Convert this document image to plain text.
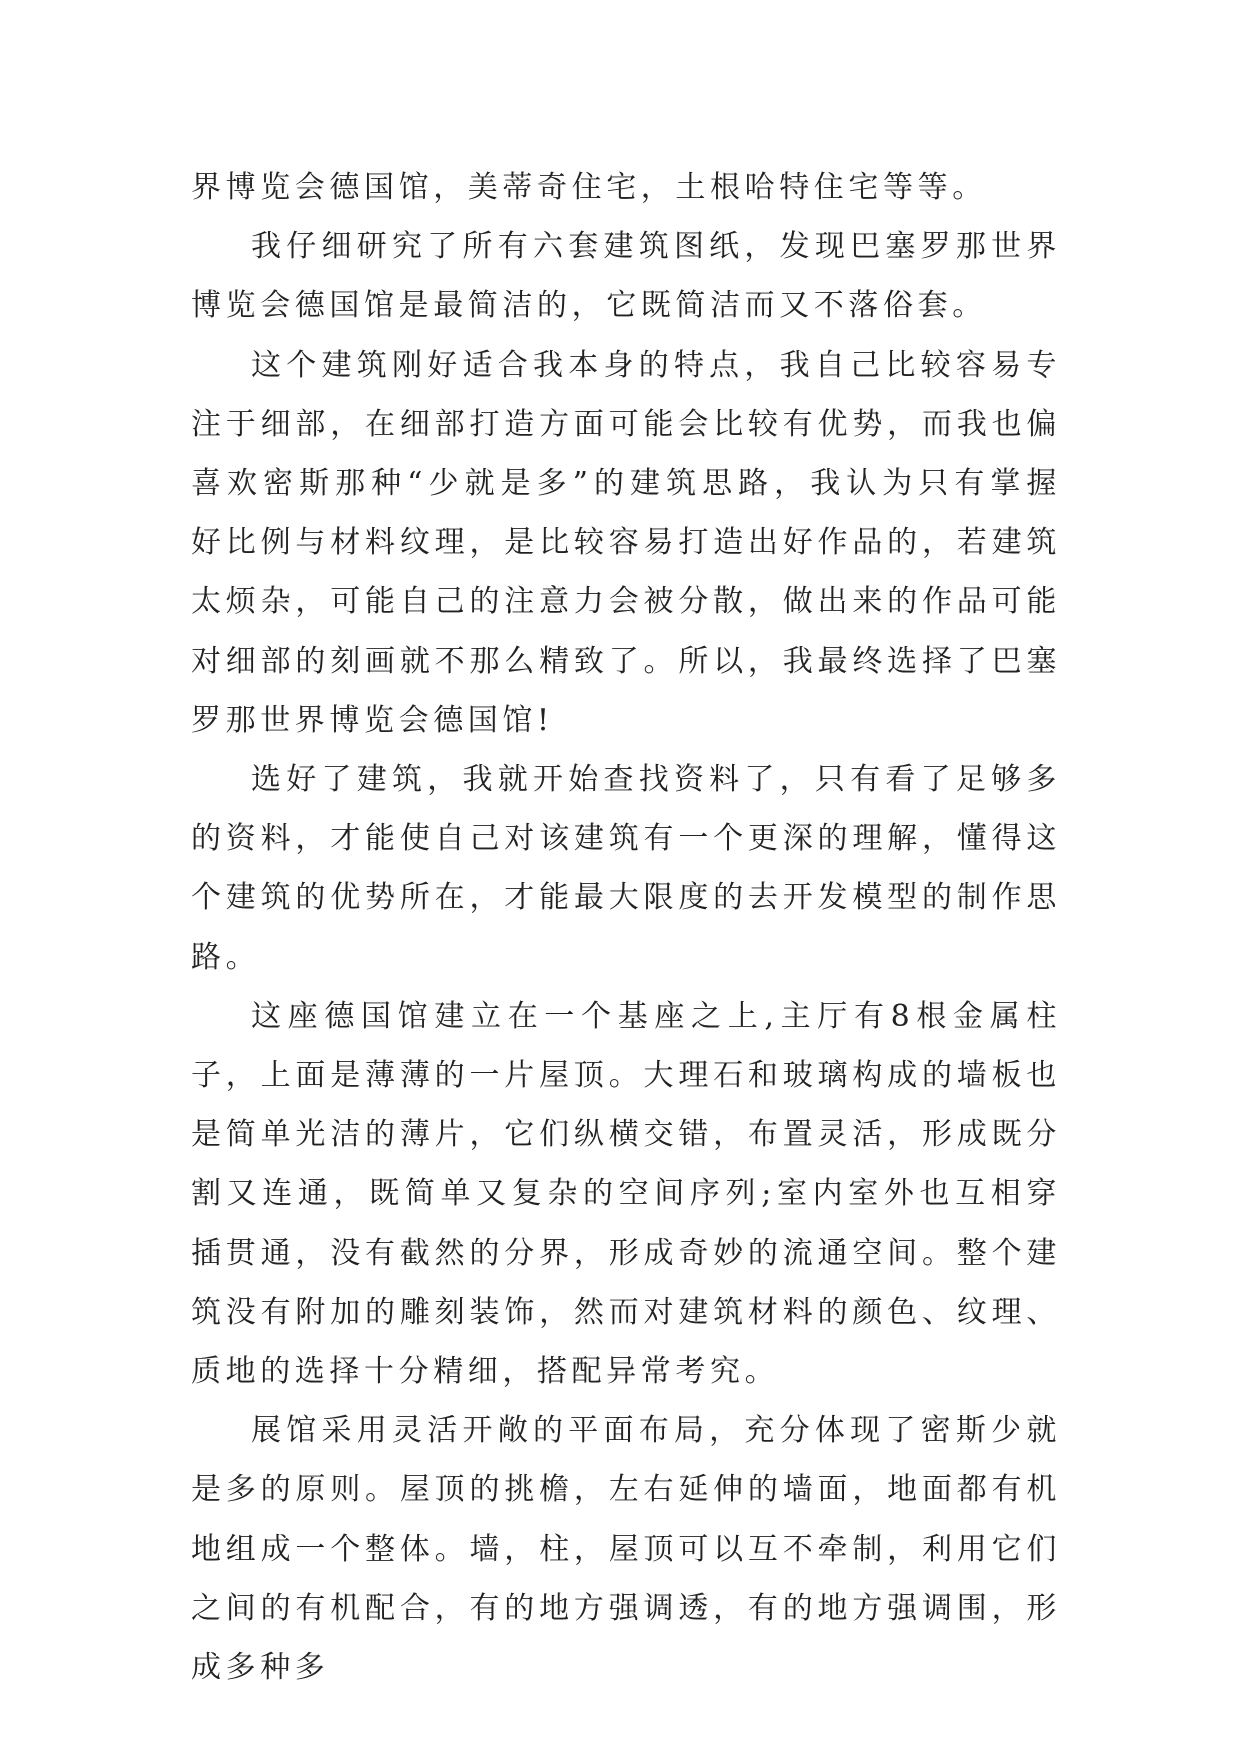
界博览会德国馆，美蒂奇住宅，土根哈特住宅等等。

我仔细研究了所有六套建筑图纸，发现巴塞罗那世界博览会德国馆是最简洁的，它既简洁而又不落俗套。

这个建筑刚好适合我本身的特点，我自己比较容易专注于细部，在细部打造方面可能会比较有优势，而我也偏喜欢密斯那种“少就是多”的建筑思路，我认为只有掌握好比例与材料纹理，是比较容易打造出好作品的，若建筑太烦杂，可能自己的注意力会被分散，做出来的作品可能对细部的刻画就不那么精致了。所以，我最终选择了巴塞罗那世界博览会德国馆!

选好了建筑，我就开始查找资料了，只有看了足够多的资料，才能使自己对该建筑有一个更深的理解，懂得这个建筑的优势所在，才能最大限度的去开发模型的制作思路。

这座德国馆建立在一个基座之上,主厅有8根金属柱子，上面是薄薄的一片屋顶。大理石和玻璃构成的墙板也是简单光洁的薄片，它们纵横交错，布置灵活，形成既分割又连通，既简单又复杂的空间序列;室内室外也互相穿插贯通，没有截然的分界，形成奇妙的流通空间。整个建筑没有附加的雕刻装饰，然而对建筑材料的颜色、纹理、质地的选择十分精细，搭配异常考究。

展馆采用灵活开敞的平面布局，充分体现了密斯少就是多的原则。屋顶的挑檐，左右延伸的墙面，地面都有机地组成一个整体。墙，柱，屋顶可以互不牵制，利用它们之间的有机配合，有的地方强调透，有的地方强调围，形成多种多
